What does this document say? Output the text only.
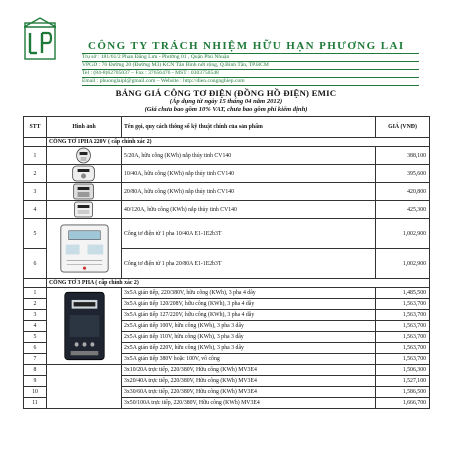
CÔNG TY TRÁCH NHIỆM HỮU HẠN PHƯƠNG LAI
Trụ sở : 181/61/2 Phan Đăng Lưu - Phường 01 , Quận Phú Nhuận
VPGD : 76 Đường 20 (Đường M3) KCN Tân Bình nới rộng, Q.Bình Tân, TP.HCM
Tel : (84-8)62705037 – Fax : 37656476 - MST : 0303750548
Email : phuonglaipl@gmail.com – Website : http://dien.congnghiep.com
BẢNG GIÁ CÔNG TƠ ĐIỆN (ĐỒNG HỒ ĐIỆN) EMIC
(Áp dụng từ ngày 15 tháng 04 năm 2012)
(Giá chưa bao gồm 10% VAT, chưa bao gồm phí kiểm định)
STT	Hình ảnh	Tên gọi, quy cách thông số kỹ thuật chính của sản phẩm	GIÁ (VNĐ)
	CÔNG TƠ 1PHA 220V ( cấp chính xác 2)		
1		5/20A, hữu công (KWh) nắp thủy tinh CV140	388,100
2		10/40A, hữu công (KWh) nắp thủy tinh CV140	395,600
3		20/80A, hữu công (KWh) nắp thủy tinh CV140	420,800
4		40/120A, hữu công (KWh) nắp thủy tinh CV140	425,300
5		Công tơ điện tử 1 pha 10/40A E1-1E2b3T	1,002,900
6		Công tơ điện tử 1 pha 20/80A E1-1E2b3T	1,002,900
	CÔNG TƠ 3 PHA ( cấp chính xác 2)		
1		3x5A gián tiếp, 220/380V, hữu công (KWh), 3 pha 4 dây	1,485,500
2		3x5A gián tiếp 120/208V, hữu công (KWh), 3 pha 4 dây	1,563,700
3		3x5A gián tiếp 127/220V, hữu công (KWh), 3 pha 4 dây	1,563,700
4		2x5A gián tiếp 100V, hữu công (KWh), 3 pha 3 dây	1,563,700
5		2x5A gián tiếp 110V, hữu công (KWh), 3 pha 3 dây	1,563,700
6		2x5A gián tiếp 220V, hữu công (KWh), 3 pha 3 dây	1,563,700
7		3x5A gián tiếp 380V hoặc 100V, vô công	1,563,700
8		3x10/20A trực tiếp, 220/380V, Hữu công (KWh) MV3E4	1,506,300
9		3x20/40A trực tiếp, 220/380V, Hữu công (KWh) MV3E4	1,527,100
10		3x30/60A trực tiếp, 220/380V, Hữu công (KWh) MV3E4	1,586,500
11		3x50/100A trực tiếp, 220/380V, Hữu công (KWh) MV3E4	1,666,700
